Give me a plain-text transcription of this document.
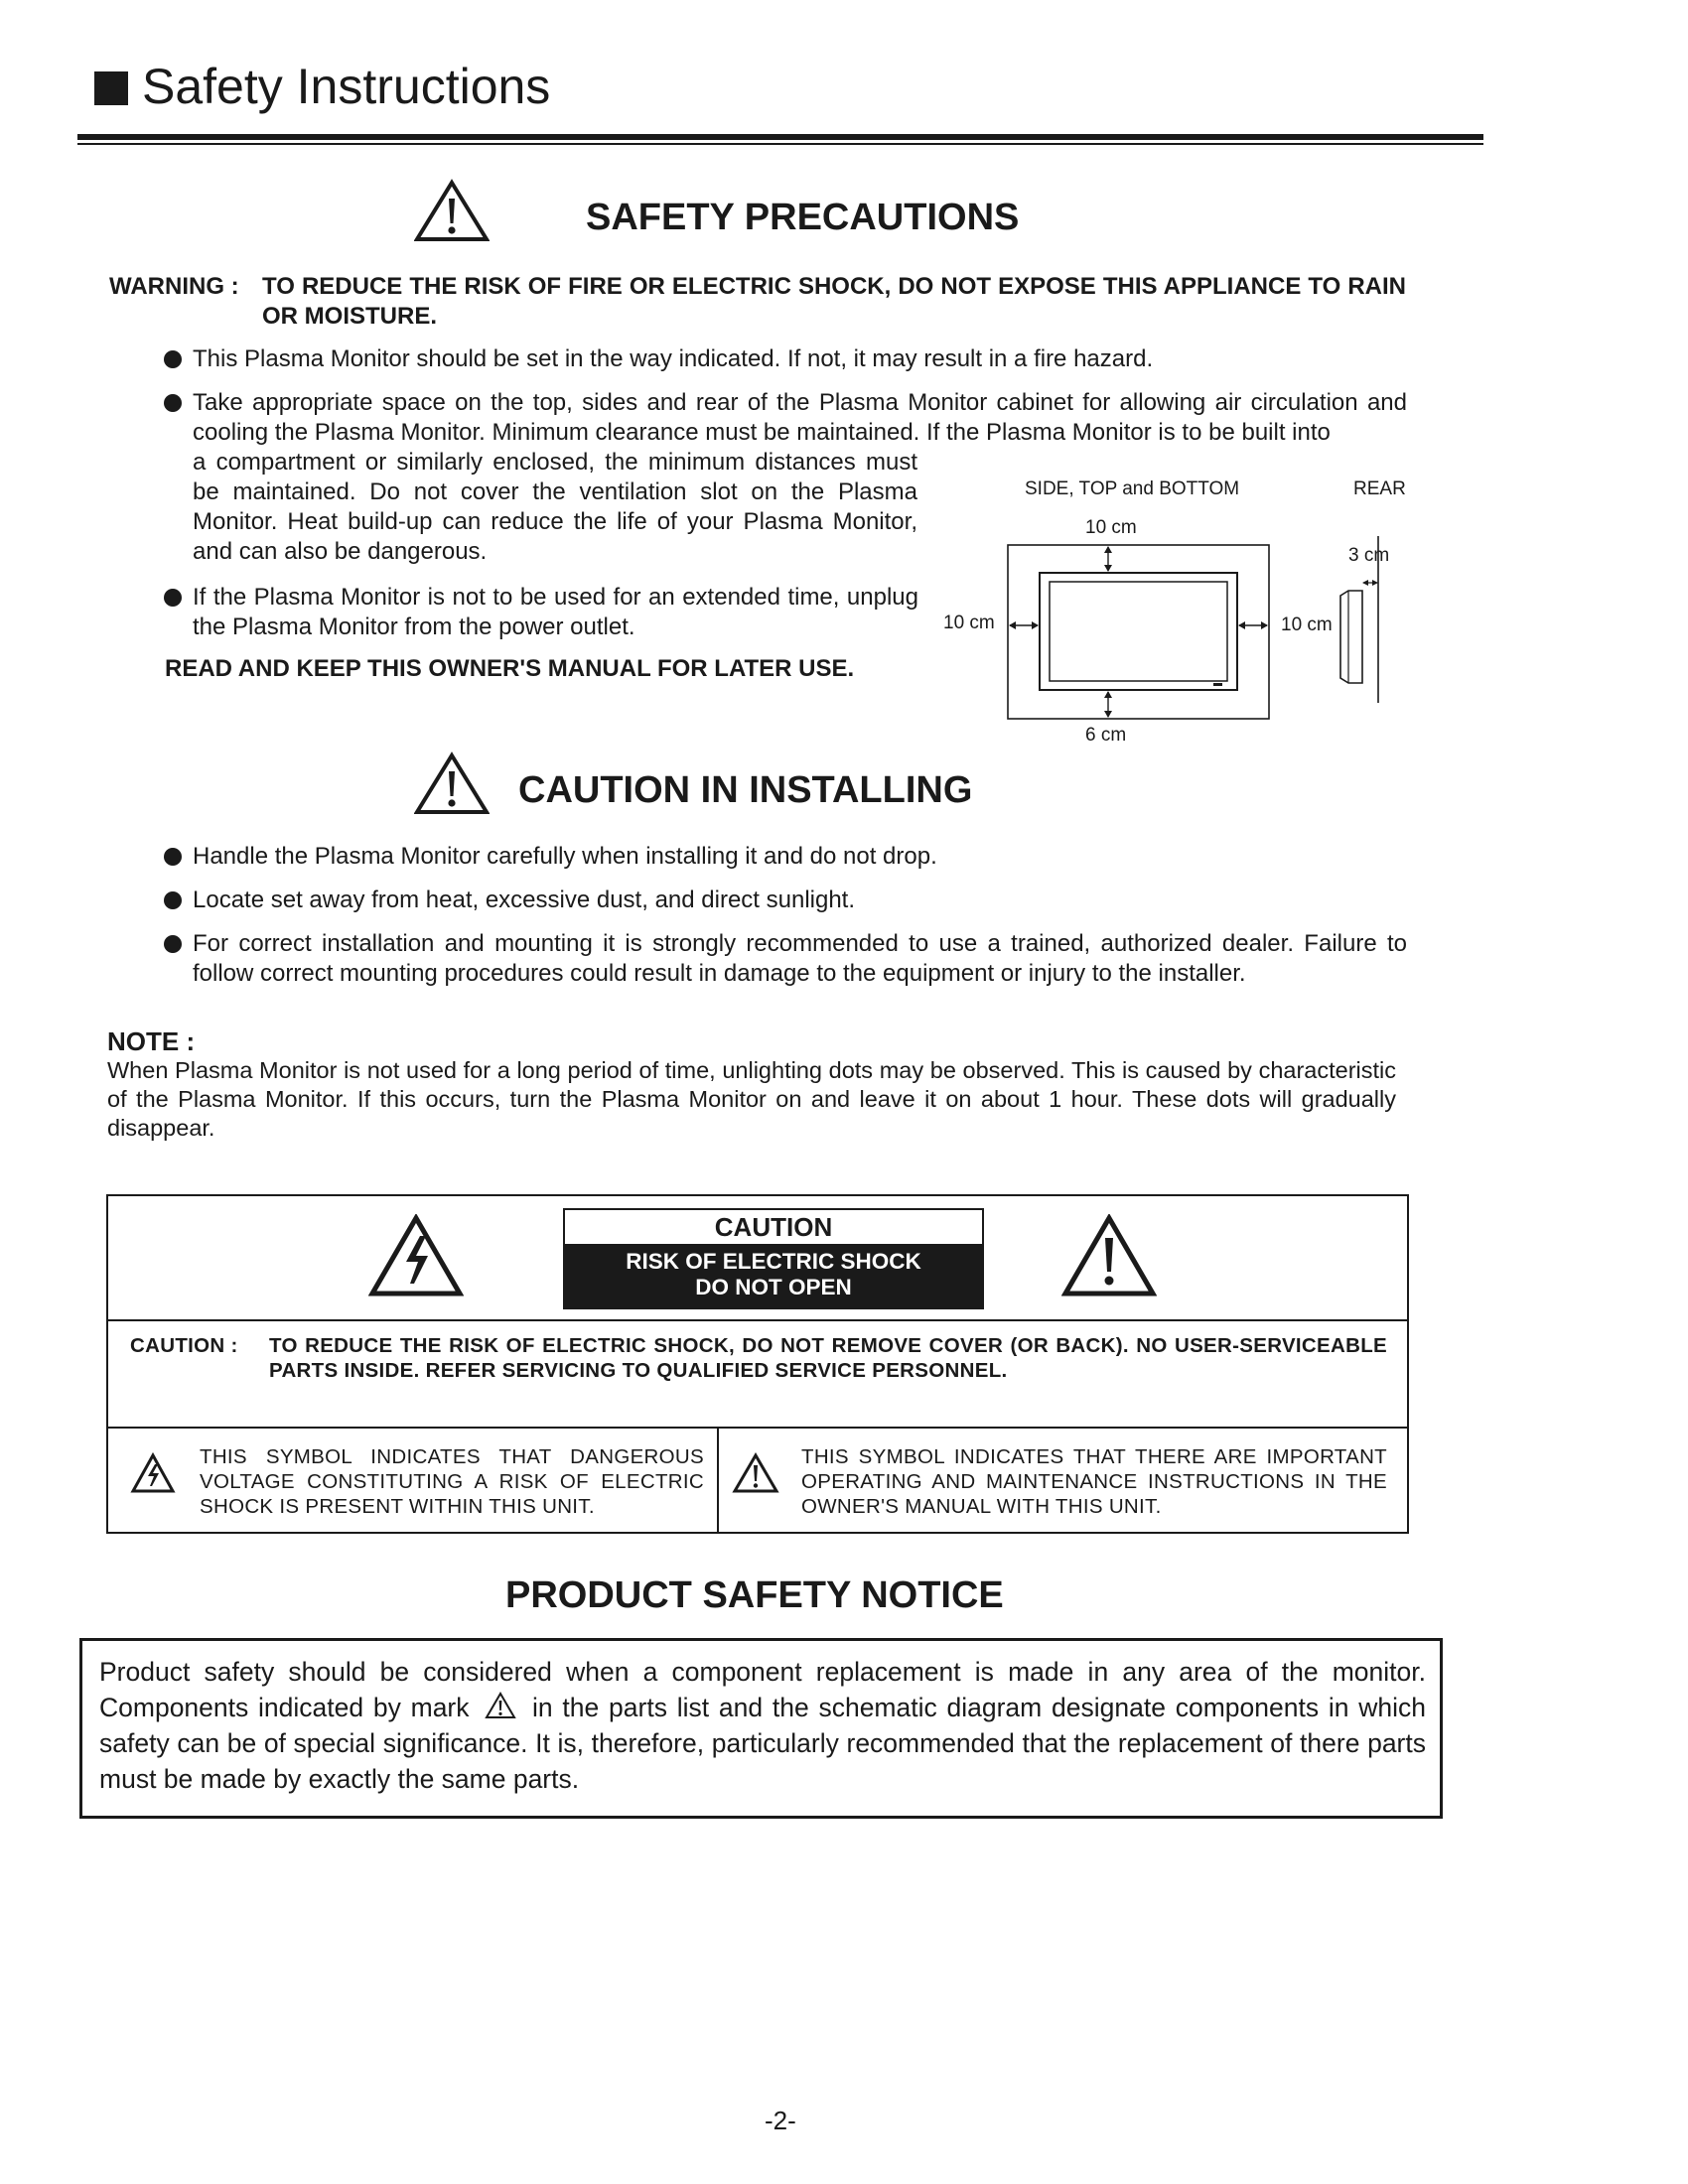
Safety Instructions
SAFETY PRECAUTIONS
WARNING : TO REDUCE THE RISK OF FIRE OR ELECTRIC SHOCK, DO NOT EXPOSE THIS APPLIANCE TO RAIN OR MOISTURE.
This Plasma Monitor should be set in the way indicated. If not, it may result in a fire hazard.
Take appropriate space on the top, sides and rear of the Plasma Monitor cabinet for allowing air circulation and cooling the Plasma Monitor. Minimum clearance must be maintained. If the Plasma Monitor is to be built into
a compartment or similarly enclosed, the minimum distances must be maintained. Do not cover the ventilation slot on the Plasma Monitor. Heat build-up can reduce the life of your Plasma Monitor, and can also be dangerous.
If the Plasma Monitor is not to be used for an extended time, unplug the Plasma Monitor from the power outlet.
READ AND KEEP THIS OWNER'S MANUAL FOR LATER USE.
SIDE, TOP and BOTTOM	REAR
10 cm
10 cm	10 cm
6 cm
3 cm
CAUTION IN INSTALLING
Handle the Plasma Monitor carefully when installing it and do not drop.
Locate set away from heat, excessive dust, and direct sunlight.
For correct installation and mounting it is strongly recommended to use a trained, authorized dealer. Failure to follow correct mounting procedures could result in damage to the equipment or injury to the installer.
NOTE :
When Plasma Monitor is not used for a long period of time, unlighting dots may be observed. This is caused by characteristic of the Plasma Monitor. If this occurs, turn the Plasma Monitor on and leave it on about 1 hour. These dots will gradually disappear.
CAUTION
RISK OF ELECTRIC SHOCK
DO NOT OPEN
CAUTION : TO REDUCE THE RISK OF ELECTRIC SHOCK, DO NOT REMOVE COVER (OR BACK). NO USER-SERVICEABLE PARTS INSIDE. REFER SERVICING TO QUALIFIED SERVICE PERSONNEL.
THIS SYMBOL INDICATES THAT DANGEROUS VOLTAGE CONSTITUTING A RISK OF ELECTRIC SHOCK IS PRESENT WITHIN THIS UNIT.
THIS SYMBOL INDICATES THAT THERE ARE IMPORTANT OPERATING AND MAINTENANCE INSTRUCTIONS IN THE OWNER'S MANUAL WITH THIS UNIT.
PRODUCT SAFETY NOTICE
Product safety should be considered when a component replacement is made in any area of the monitor. Components indicated by mark in the parts list and the schematic diagram designate components in which safety can be of special significance. It is, therefore, particularly recommended that the replacement of there parts must be made by exactly the same parts.
-2-
